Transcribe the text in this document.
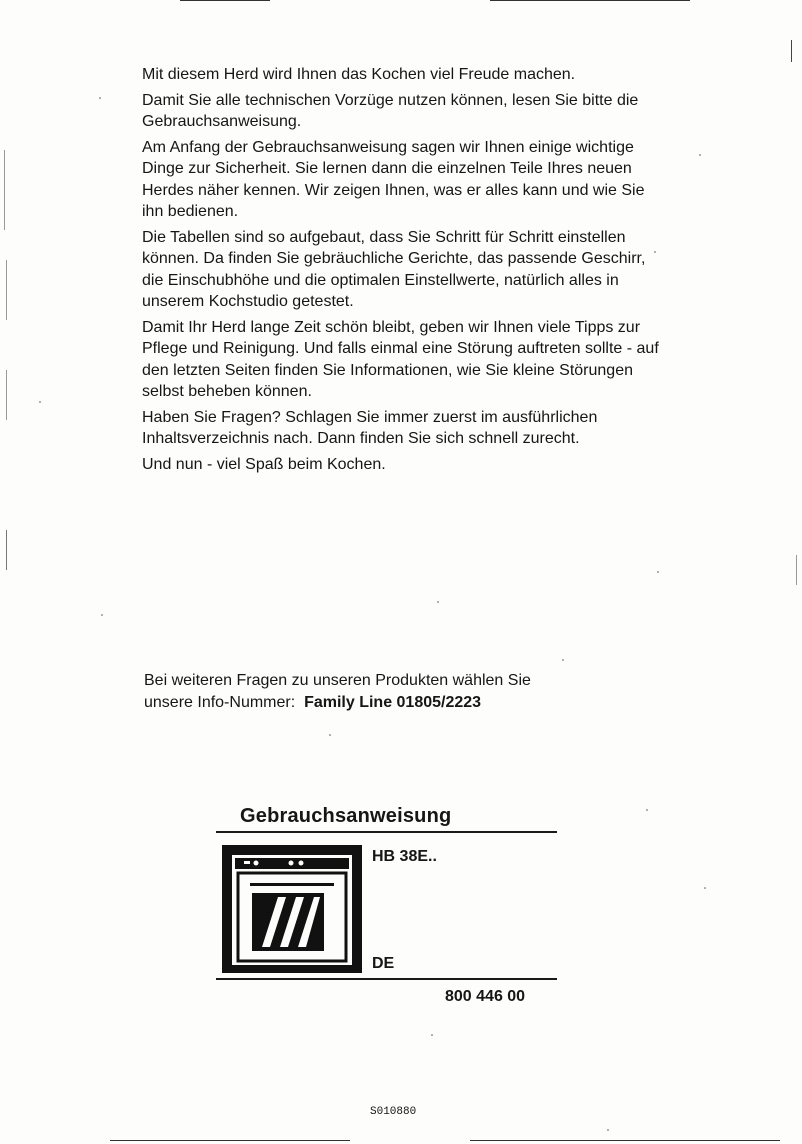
Mit diesem Herd wird Ihnen das Kochen viel Freude machen.

Damit Sie alle technischen Vorzüge nutzen können, lesen Sie bitte die Gebrauchsanweisung.

Am Anfang der Gebrauchsanweisung sagen wir Ihnen einige wichtige Dinge zur Sicherheit. Sie lernen dann die einzelnen Teile Ihres neuen Herdes näher kennen. Wir zeigen Ihnen, was er alles kann und wie Sie ihn bedienen.

Die Tabellen sind so aufgebaut, dass Sie Schritt für Schritt einstellen können. Da finden Sie gebräuchliche Gerichte, das passende Geschirr, die Einschubhöhe und die optimalen Einstellwerte, natürlich alles in unserem Kochstudio getestet.

Damit Ihr Herd lange Zeit schön bleibt, geben wir Ihnen viele Tipps zur Pflege und Reinigung. Und falls einmal eine Störung auftreten sollte - auf den letzten Seiten finden Sie Informationen, wie Sie kleine Störungen selbst beheben können.

Haben Sie Fragen? Schlagen Sie immer zuerst im ausführlichen Inhaltsverzeichnis nach. Dann finden Sie sich schnell zurecht.

Und nun - viel Spaß beim Kochen.

Bei weiteren Fragen zu unseren Produkten wählen Sie

unsere Info-Nummer: Family Line 01805/2223

Gebrauchsanweisung
HB 38E..
DE
800 446 00
S010880
